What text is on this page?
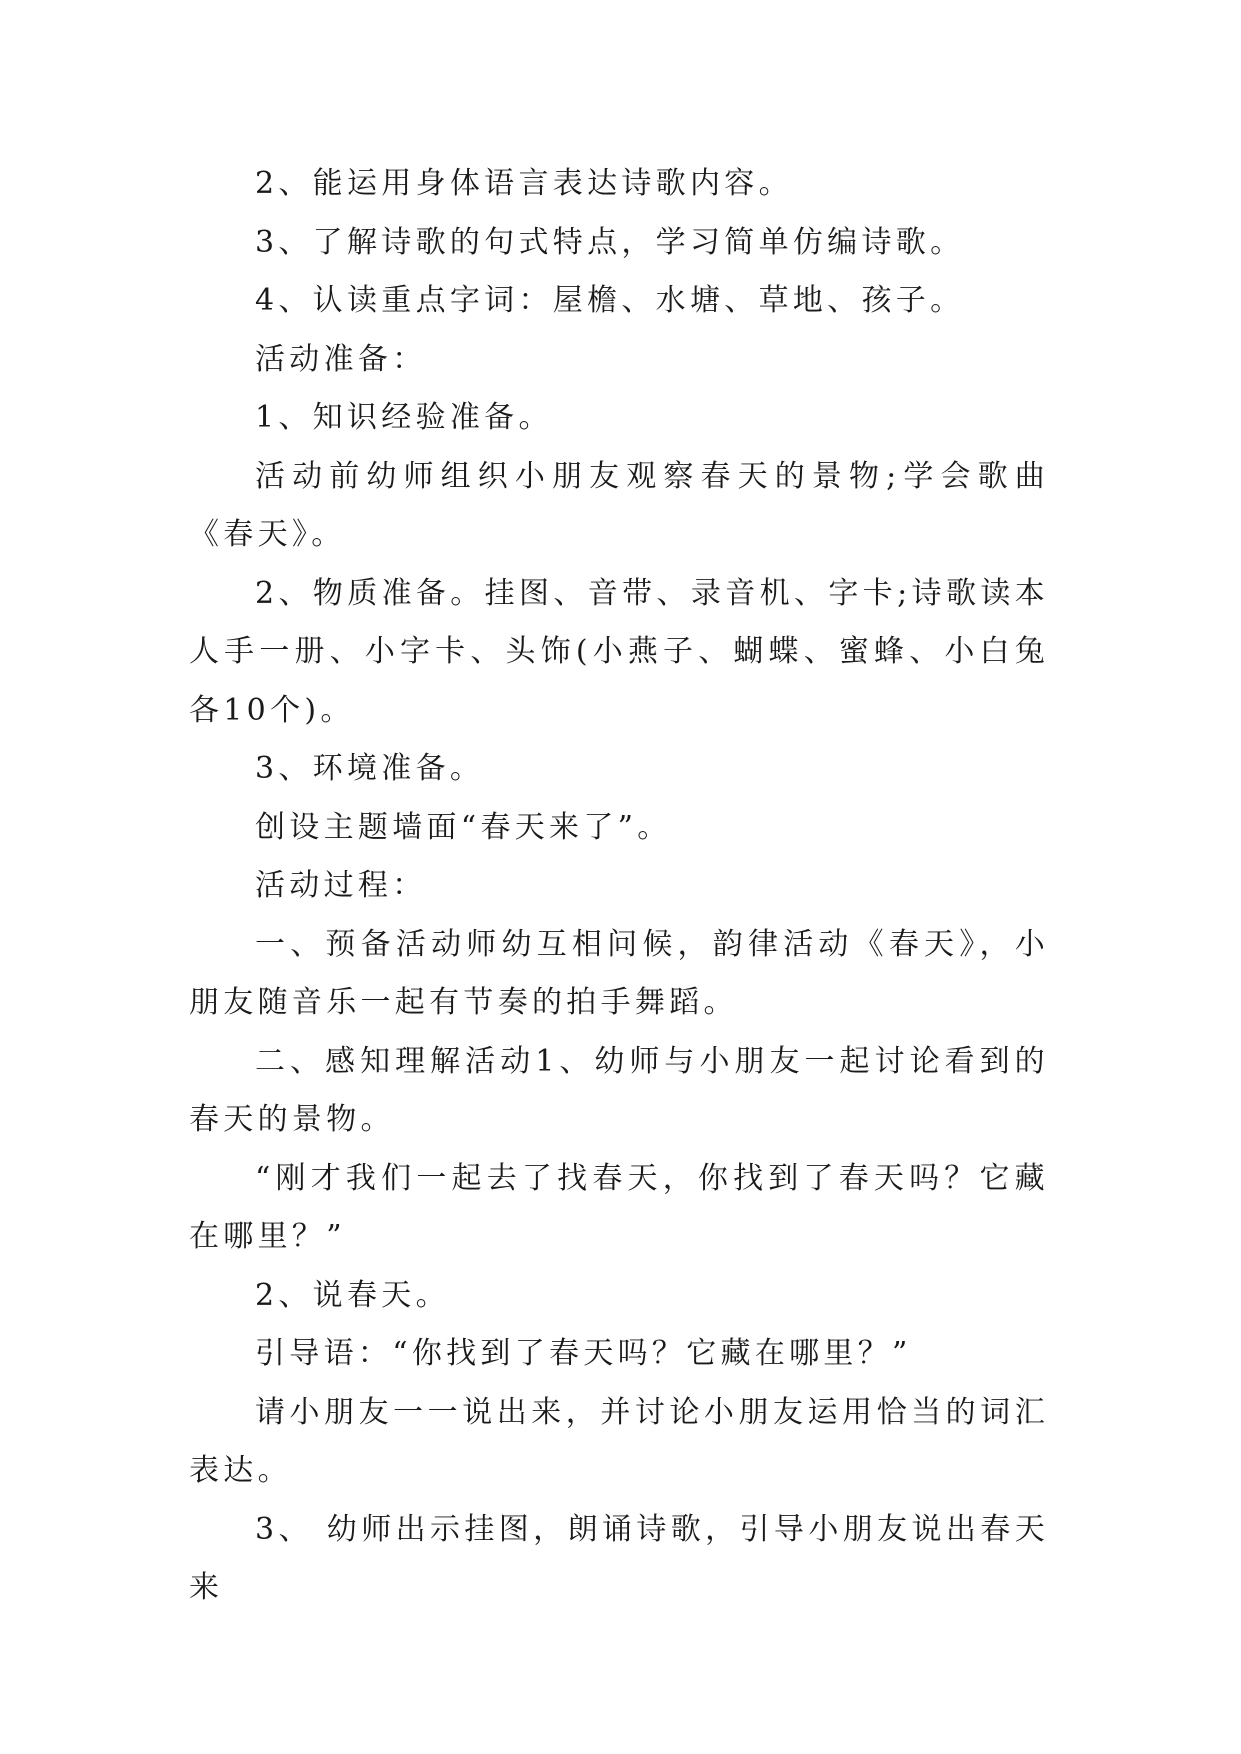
2、能运用身体语言表达诗歌内容。

3、了解诗歌的句式特点，学习简单仿编诗歌。

4、认读重点字词：屋檐、水塘、草地、孩子。

活动准备：

1、知识经验准备。

活动前幼师组织小朋友观察春天的景物;学会歌曲《春天》。

2、物质准备。挂图、音带、录音机、字卡;诗歌读本人手一册、小字卡、头饰(小燕子、蝴蝶、蜜蜂、小白兔各10个)。

3、环境准备。

创设主题墙面“春天来了”。

活动过程：

一、预备活动师幼互相问候，韵律活动《春天》，小朋友随音乐一起有节奏的拍手舞蹈。

二、感知理解活动1、幼师与小朋友一起讨论看到的春天的景物。

“刚才我们一起去了找春天，你找到了春天吗？它藏在哪里？”

2、说春天。

引导语：“你找到了春天吗？它藏在哪里？”

请小朋友一一说出来，并讨论小朋友运用恰当的词汇表达。

3、 幼师出示挂图，朗诵诗歌，引导小朋友说出春天来
